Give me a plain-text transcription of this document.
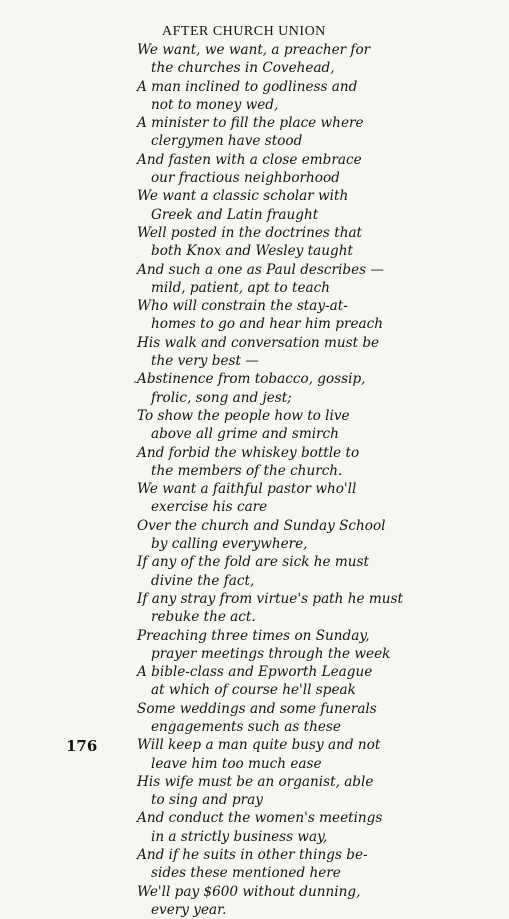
AFTER CHURCH UNION
We want, we want, a preacher for
the churches in Covehead,
A man inclined to godliness and
not to money wed,
A minister to fill the place where
clergymen have stood
And fasten with a close embrace
our fractious neighborhood
We want a classic scholar with
Greek and Latin fraught
Well posted in the doctrines that
both Knox and Wesley taught
And such a one as Paul describes —
mild, patient, apt to teach
Who will constrain the stay-at-
homes to go and hear him preach
His walk and conversation must be
the very best —
Abstinence from tobacco, gossip,
frolic, song and jest;
To show the people how to live
above all grime and smirch
And forbid the whiskey bottle to
the members of the church.
We want a faithful pastor who'll
exercise his care
Over the church and Sunday School
by calling everywhere,
If any of the fold are sick he must
divine the fact,
If any stray from virtue's path he must
rebuke the act.
Preaching three times on Sunday,
prayer meetings through the week
A bible-class and Epworth League
at which of course he'll speak
Some weddings and some funerals
engagements such as these
Will keep a man quite busy and not
leave him too much ease
His wife must be an organist, able
to sing and pray
And conduct the women's meetings
in a strictly business way,
And if he suits in other things be-
sides these mentioned here
We'll pay $600 without dunning,
every year.
176
